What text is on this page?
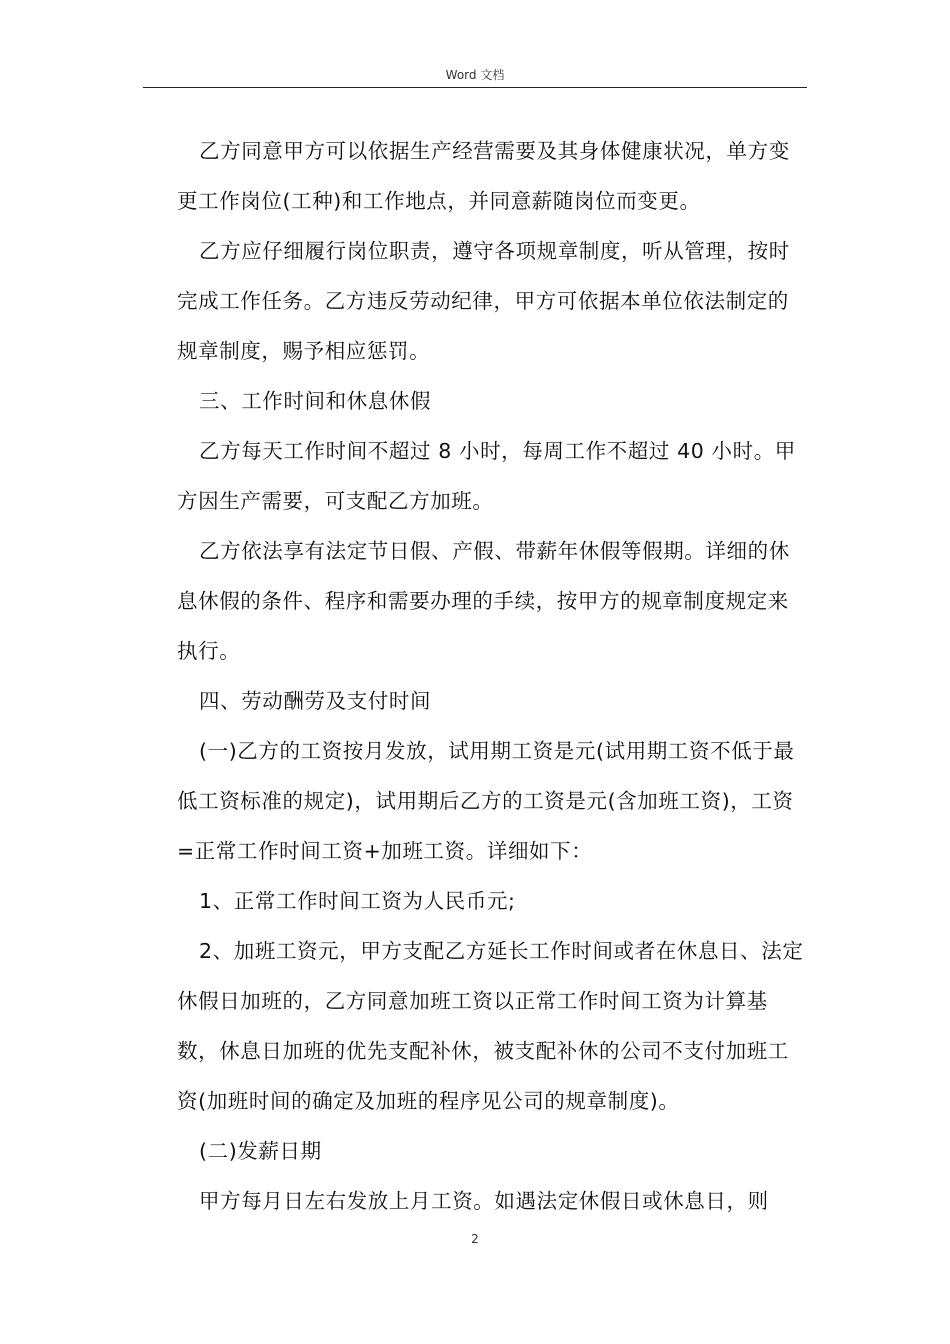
Word 文档

乙方同意甲方可以依据生产经营需要及其身体健康状况，单方变更工作岗位(工种)和工作地点，并同意薪随岗位而变更。

乙方应仔细履行岗位职责，遵守各项规章制度，听从管理，按时完成工作任务。乙方违反劳动纪律，甲方可依据本单位依法制定的规章制度，赐予相应惩罚。

三、工作时间和休息休假

乙方每天工作时间不超过 8 小时，每周工作不超过 40 小时。甲方因生产需要，可支配乙方加班。

乙方依法享有法定节日假、产假、带薪年休假等假期。详细的休息休假的条件、程序和需要办理的手续，按甲方的规章制度规定来执行。

四、劳动酬劳及支付时间

(一)乙方的工资按月发放，试用期工资是元(试用期工资不低于最低工资标准的规定)，试用期后乙方的工资是元(含加班工资)，工资=正常工作时间工资+加班工资。详细如下：

1、正常工作时间工资为人民币元;

2、加班工资元，甲方支配乙方延长工作时间或者在休息日、法定休假日加班的，乙方同意加班工资以正常工作时间工资为计算基数，休息日加班的优先支配补休，被支配补休的公司不支付加班工资(加班时间的确定及加班的程序见公司的规章制度)。

(二)发薪日期

甲方每月日左右发放上月工资。如遇法定休假日或休息日，则

2
